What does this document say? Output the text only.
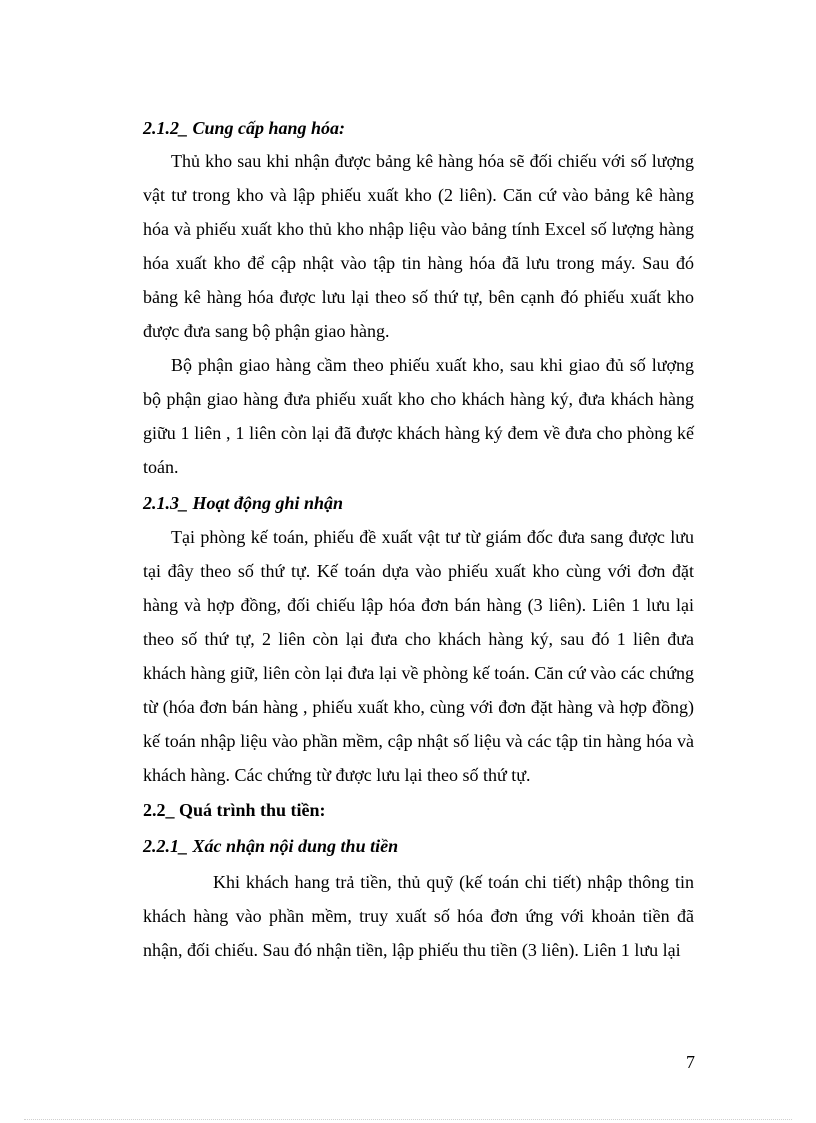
2.1.2_ Cung cấp hang hóa:

Thủ kho sau khi nhận được bảng kê hàng hóa sẽ đối chiếu với số lượng vật tư trong kho và lập phiếu xuất kho (2 liên). Căn cứ vào bảng kê hàng hóa và phiếu xuất kho thủ kho nhập liệu vào bảng tính Excel số lượng hàng hóa xuất kho để cập nhật vào tập tin hàng hóa đã lưu trong máy. Sau đó bảng kê hàng hóa được lưu lại theo số thứ tự, bên cạnh đó phiếu xuất kho được đưa sang bộ phận giao hàng.

Bộ phận giao hàng cầm theo phiếu xuất kho, sau khi giao đủ số lượng bộ phận giao hàng đưa phiếu xuất kho cho khách hàng ký, đưa khách hàng giữu 1 liên , 1 liên còn lại đã được khách hàng ký đem về đưa cho phòng kế toán.

2.1.3_ Hoạt động ghi nhận

Tại phòng kế toán, phiếu đề xuất vật tư từ giám đốc đưa sang được lưu tại đây theo số thứ tự. Kế toán dựa vào phiếu xuất kho cùng với đơn đặt hàng và hợp đồng, đối chiếu lập hóa đơn bán hàng (3 liên). Liên 1 lưu lại theo số thứ tự, 2 liên còn lại đưa cho khách hàng ký, sau đó 1 liên đưa khách hàng giữ, liên còn lại đưa lại về phòng kế toán. Căn cứ vào các chứng từ (hóa đơn bán hàng , phiếu xuất kho, cùng với đơn đặt hàng và hợp đồng) kế toán nhập liệu vào phần mềm, cập nhật số liệu và các tập tin hàng hóa và khách hàng. Các chứng từ được lưu lại theo số thứ tự.

2.2_ Quá trình thu tiền:
2.2.1_ Xác nhận nội dung thu tiền

Khi khách hang trả tiền, thủ quỹ (kế toán chi tiết) nhập thông tin khách hàng vào phần mềm, truy xuất số hóa đơn ứng với khoản tiền đã nhận, đối chiếu. Sau đó nhận tiền, lập phiếu thu tiền (3 liên). Liên 1 lưu lại

7
